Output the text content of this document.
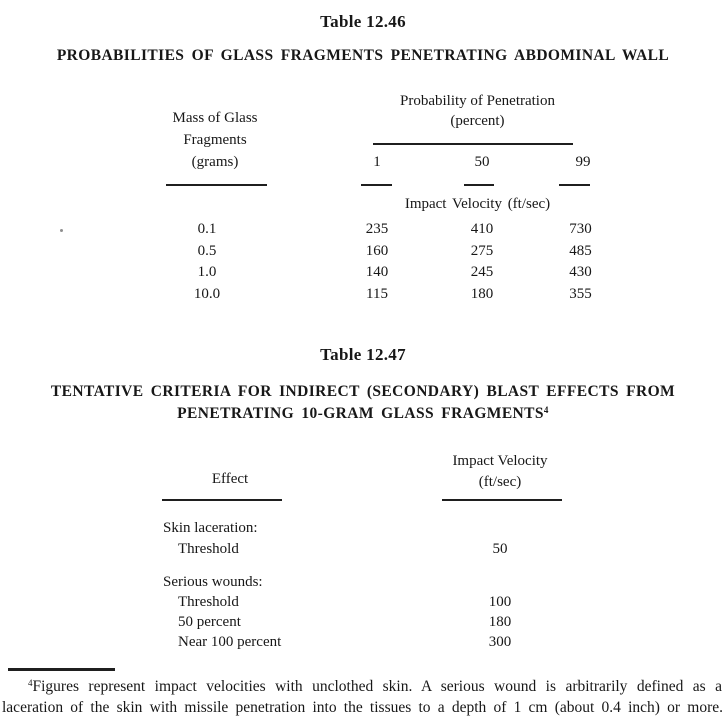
Table 12.46
PROBABILITIES OF GLASS FRAGMENTS PENETRATING ABDOMINAL WALL
Mass of Glass
Fragments
(grams)
Probability of Penetration
(percent)
1	50	99
Impact Velocity (ft/sec)
0.1	235	410	730
0.5	160	275	485
1.0	140	245	430
10.0	115	180	355
Table 12.47
TENTATIVE CRITERIA FOR INDIRECT (SECONDARY) BLAST EFFECTS FROM
PENETRATING 10-GRAM GLASS FRAGMENTS$^4$
Effect
Impact Velocity
(ft/sec)
Skin laceration:
Threshold	50
Serious wounds:
Threshold	100
50 percent	180
Near 100 percent	300
$^4$Figures represent impact velocities with unclothed skin. A serious wound is arbitrarily defined as a
laceration of the skin with missile penetration into the tissues to a depth of 1 cm (about 0.4 inch) or more.
